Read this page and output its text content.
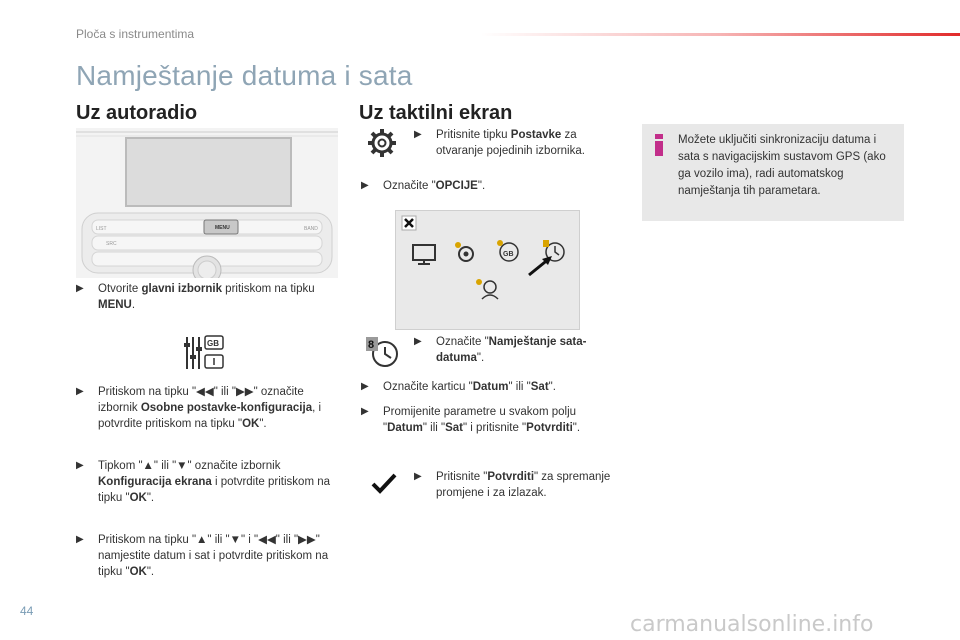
Ploča s instrumentima
Namještanje datuma i sata
Uz autoradio
LIST	MENU
SRC
BAND
▶ Otvorite glavni izbornik pritiskom na tipku MENU.
GB
▶ Pritiskom na tipku "◀◀" ili "▶▶" označite izbornik Osobne postavke-konfiguracija, i potvrdite pritiskom na tipku "OK".
▶ Tipkom "▲" ili "▼" označite izbornik Konfiguracija ekrana i potvrdite pritiskom na tipku "OK".
▶ Pritiskom na tipku "▲" ili "▼" i "◀◀" ili "▶▶" namjestite datum i sat i potvrdite pritiskom na tipku "OK".
Uz taktilni ekran
▶ Pritisnite tipku Postavke za otvaranje pojedinih izbornika.
▶ Označite "OPCIJE".
GB
8	▶ Označite "Namještanje sata-datuma".
▶ Označite karticu "Datum" ili "Sat".
▶ Promijenite parametre u svakom polju "Datum" ili "Sat" i pritisnite "Potvrditi".
▶ Pritisnite "Potvrditi" za spremanje promjene i za izlazak.
Možete uključiti sinkronizaciju datuma i sata s navigacijskim sustavom GPS (ako ga vozilo ima), radi automatskog namještanja tih parametara.
44
carmanualsonline.info
